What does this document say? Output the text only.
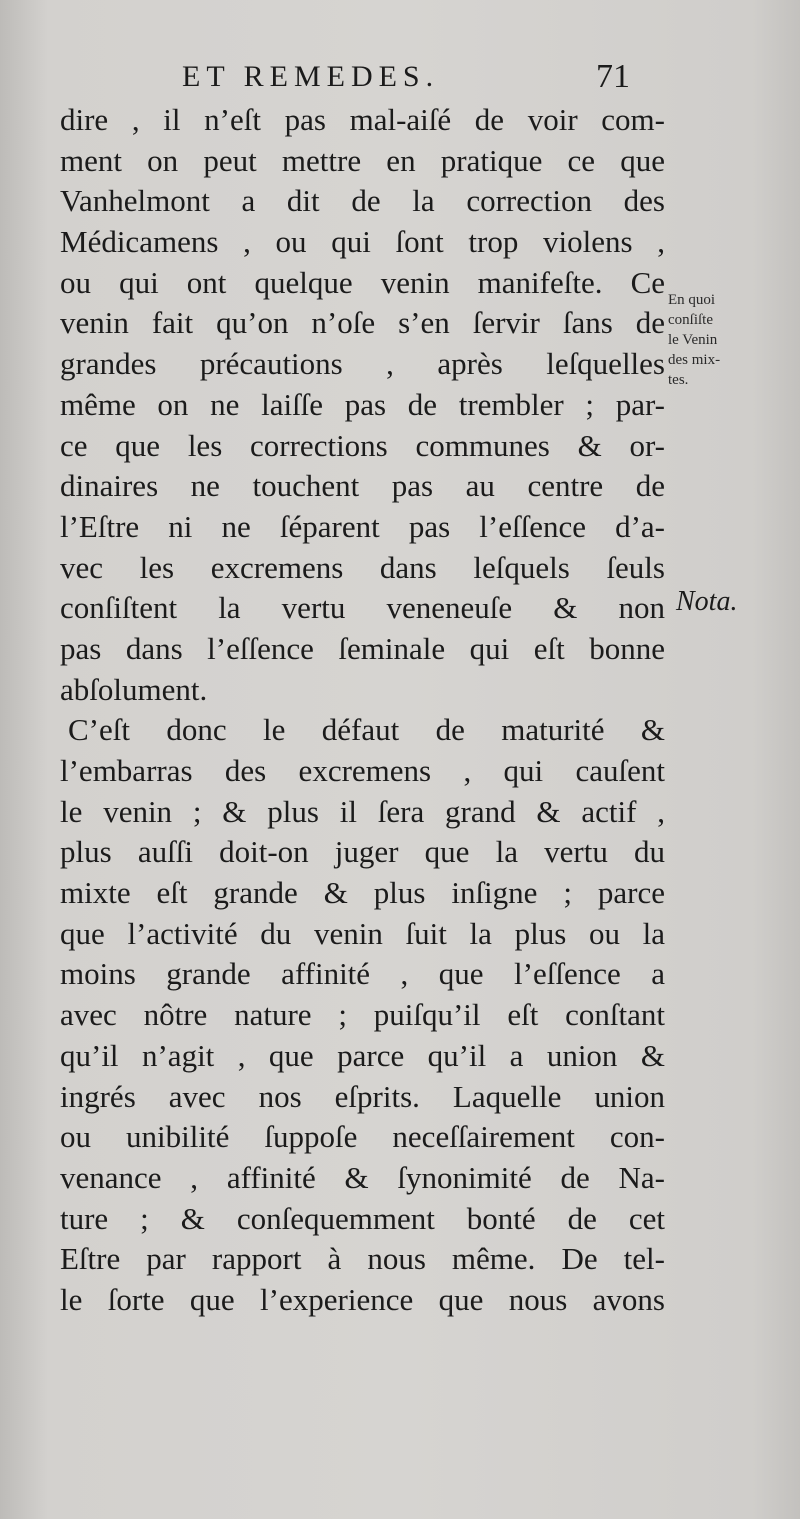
ET REMEDES.	71
dire , il n’eſt pas mal-aiſé de voir com-
ment on peut mettre en pratique ce que
Vanhelmont a dit de la correction des
Médicamens , ou qui ſont trop violens ,
ou qui ont quelque venin manifeſte. Ce
venin fait qu’on n’oſe s’en ſervir ſans de
grandes précautions , après leſquelles
même on ne laiſſe pas de trembler ; par-
ce que les corrections communes & or-
dinaires ne touchent pas au centre de
l’Eſtre ni ne ſéparent pas l’eſſence d’a-
vec les excremens dans leſquels ſeuls
conſiſtent la vertu veneneuſe & non
pas dans l’eſſence ſeminale qui eſt bonne
abſolument.
C’eſt donc le défaut de maturité &
l’embarras des excremens , qui cauſent
le venin ; & plus il ſera grand & actif ,
plus auſſi doit-on juger que la vertu du
mixte eſt grande & plus inſigne ; parce
que l’activité du venin ſuit la plus ou la
moins grande affinité , que l’eſſence a
avec nôtre nature ; puiſqu’il eſt conſtant
qu’il n’agit , que parce qu’il a union &
ingrés avec nos eſprits. Laquelle union
ou unibilité ſuppoſe neceſſairement con-
venance , affinité & ſynonimité de Na-
ture ; & conſequemment bonté de cet
Eſtre par rapport à nous même. De tel-
le ſorte que l’experience que nous avons
En quoi
conſiſte
le Venin
des mix-
tes.
Nota.
